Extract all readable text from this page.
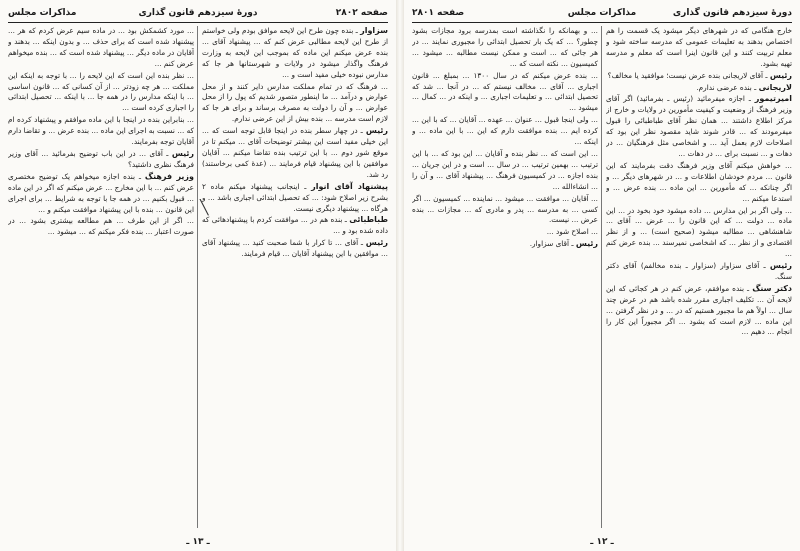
صفحه ۲۸۰۲
دورهٔ سیزدهم قانون گذاری
مذاکرات مجلس

سزاوار ـ بنده چون طرح این لایحه موافق بودم ولی خواستم از طرح این لایحه مطالبی عرض کنم که ... پیشنهاد آقای ... بنده عرض میکنم این ماده که بموجب این لایحه به وزارت فرهنگ واگذار میشود در ولایات و شهرستانها هر جا که مدارس نبوده خیلی مفید است و ...

... فرهنگ که در تمام مملکت مدارس دایر کنند و از محل عوارض و درآمد ... ما اینطور متصور شدیم که پول را از محل عوارض ... و آن را دولت به مصرف برساند و برای هر جا که لازم است مدرسه ... بنده بیش از این عرضی ندارم.

رئیس ـ در چهار سطر بنده در اینجا قابل توجه است که ... این خیلی مفید است این بیشتر توضیحات آقای ... میکنم تا در موقع شور دوم ... با این ترتیب بنده تقاضا میکنم ... آقایان موافقین با این پیشنهاد قیام فرمایند ... (عدهٔ کمی برخاستند) رد شد.

پیشنهاد آقای انوار ـ اینجانب پیشنهاد میکنم ماده ۲ بشرح زیر اصلاح شود: ... که تحصیل ابتدائی اجباری باشد ... و هرگاه ... پیشنهاد دیگری نیست.

طباطبائی ـ بنده هم در ... موافقت کردم با پیشنهادهائی که داده شده بود و ...

رئیس ـ آقای ... تا کرار با شما صحبت کنید ... پیشنهاد آقای ... موافقین با این پیشنهاد آقایان ... قیام فرمایند.

... مورد کشمکش بود ... در ماده سیم عرض کردم که هر ... پیشنهاد شده است که برای حذف ... و بدون اینکه ... بدهند و آقایان در ماده دیگر ... پیشنهاد شده است که ... بنده میخواهم عرض کنم ...

... نظر بنده این است که این لایحه را ... با توجه به اینکه این مملکت ... هر چه زودتر ... از آن کسانی که ... قانون اساسی ... با اینکه مدارس را در همه جا ... با اینکه ... تحصیل ابتدائی را اجباری کرده است ...

... بنابراین بنده در اینجا با این ماده موافقم و پیشنهاد کرده ام که ... نسبت به اجرای این ماده ... بنده عرض ... و تقاضا دارم آقایان توجه بفرمایند.

رئیس ـ آقای ... در این باب توضیح بفرمائید ... آقای وزیر فرهنگ نظری داشتید؟

وزیر فرهنگ ـ بنده اجازه میخواهم یک توضیح مختصری عرض کنم ... با این مخارج ... عرض میکنم که اگر در این ماده ... قبول بکنیم ... در همه جا با توجه به شرایط ... برای اجرای این قانون ... بنده با این پیشنهاد موافقت میکنم و ...

... اگر از این طرف ... هم مطالعه بیشتری بشود ... در صورت اعتبار ... بنده فکر میکنم که ... میشود ...

╲
ـ ۱۳ ـ
دورهٔ سیزدهم قانون گذاری
مذاکرات مجلس
صفحه ۲۸۰۱

خارج هنگامی که در شهرهای دیگر میشود یک قسمت را هم اختصاص بدهند به تعلیمات عمومی که مدرسه ساخته شود و معلم تربیت کنند و این قانون اینرا است که معلم و مدرسه تهیه بشود.

رئیس ـ آقای لاریجانی بنده عرض نیست؛ موافقید یا مخالف؟

لاریجانی ـ بنده عرضی ندارم.

امیرتیمور ـ اجازه میفرمائید (رئیس ـ بفرمائید) اگر آقای وزیر فرهنگ از وضعیت و کیفیت مأمورین در ولایات و خارج از مرکز اطلاع داشتند ... همان نظر آقای طباطبائی را قبول میفرمودند که ... قادر شوند شاید مقصود نظر این بود که اصلاحات لازم بعمل آید ... و اشخاصی مثل فرهنگیان ... در دهات و ... نسبت برای ... در دهات ...

... خواهش میکنم آقای وزیر فرهنگ دقت بفرمایند که این قانون ... مردم خودشان اطلاعات و ... در شهرهای دیگر ... و اگر چنانکه ... که مأمورین ... این ماده ... بنده عرض ... و استدعا میکنم ...

... ولی اگر بر این مدارس ... داده میشود خود بخود در ... این ماده ... دولت ... که این قانون را ... عرض ... آقای ... شاهنشاهی ... مطالبه میشود (صحیح است) ... و از نظر اقتصادی و از نظر ... که اشخاصی نمیرسند ... بنده عرض کنم ...

رئیس ـ آقای سزاوار (سزاوار ـ بنده مخالفم) آقای دکتر سنگ.

دکتر سنگ ـ بنده موافقم، عرض کنم در هر کجائی که این لایحه آن ... تکلیف اجباری مقرر شده باشد هم در عرض چند سال ... اولاً هم ما مجبور هستیم که در ... و در نظر گرفتن ... این ماده ... لازم است که بشود ... اگر مجبوراً این کار را انجام ... دهیم ...

... و بهمانکه را نگذاشته است بمدرسه برود مجازات بشود چطور؟ ... که یک بار تحصیل ابتدائی را مجبوری نمایند ... در هر جائی که ... است و ممکن نیست مطالبه ... میشود ... کمیسیون ... نکته است که ...

... بنده عرض میکنم که در سال ۱۳۰۰ ... بمبلغ ... قانون اجباری ... آقای ... مخالف نیستم که ... در آنجا ... شد که تحصیل ابتدائی ... و تعلیمات اجباری ... و اینکه در ... کمال ... میشود ...

... ولی اینجا قبول ... عنوان ... عهده ... آقایان ... که با این ... کرده ایم ... بنده موافقت دارم که این ... با این ماده ... و اینکه ...

... این است که ... نظر بنده و آقایان ... این بود که ... با این ترتیب ... بهمین ترتیب ... در سال ... است و در این جریان ... بنده اجازه ... در کمیسیون فرهنگ ... پیشنهاد آقای ... و آن را ... انشاءالله ...

... آقایان ... موافقت ... میشود ... نماینده ... کمیسیون ... اگر کسی ... به مدرسه ... پدر و مادری که ... مجازات ... بنده عرض ... نیست.

... اصلاح شود ...

رئیس ـ آقای سزاوار.

ـ ۱۲ ـ
